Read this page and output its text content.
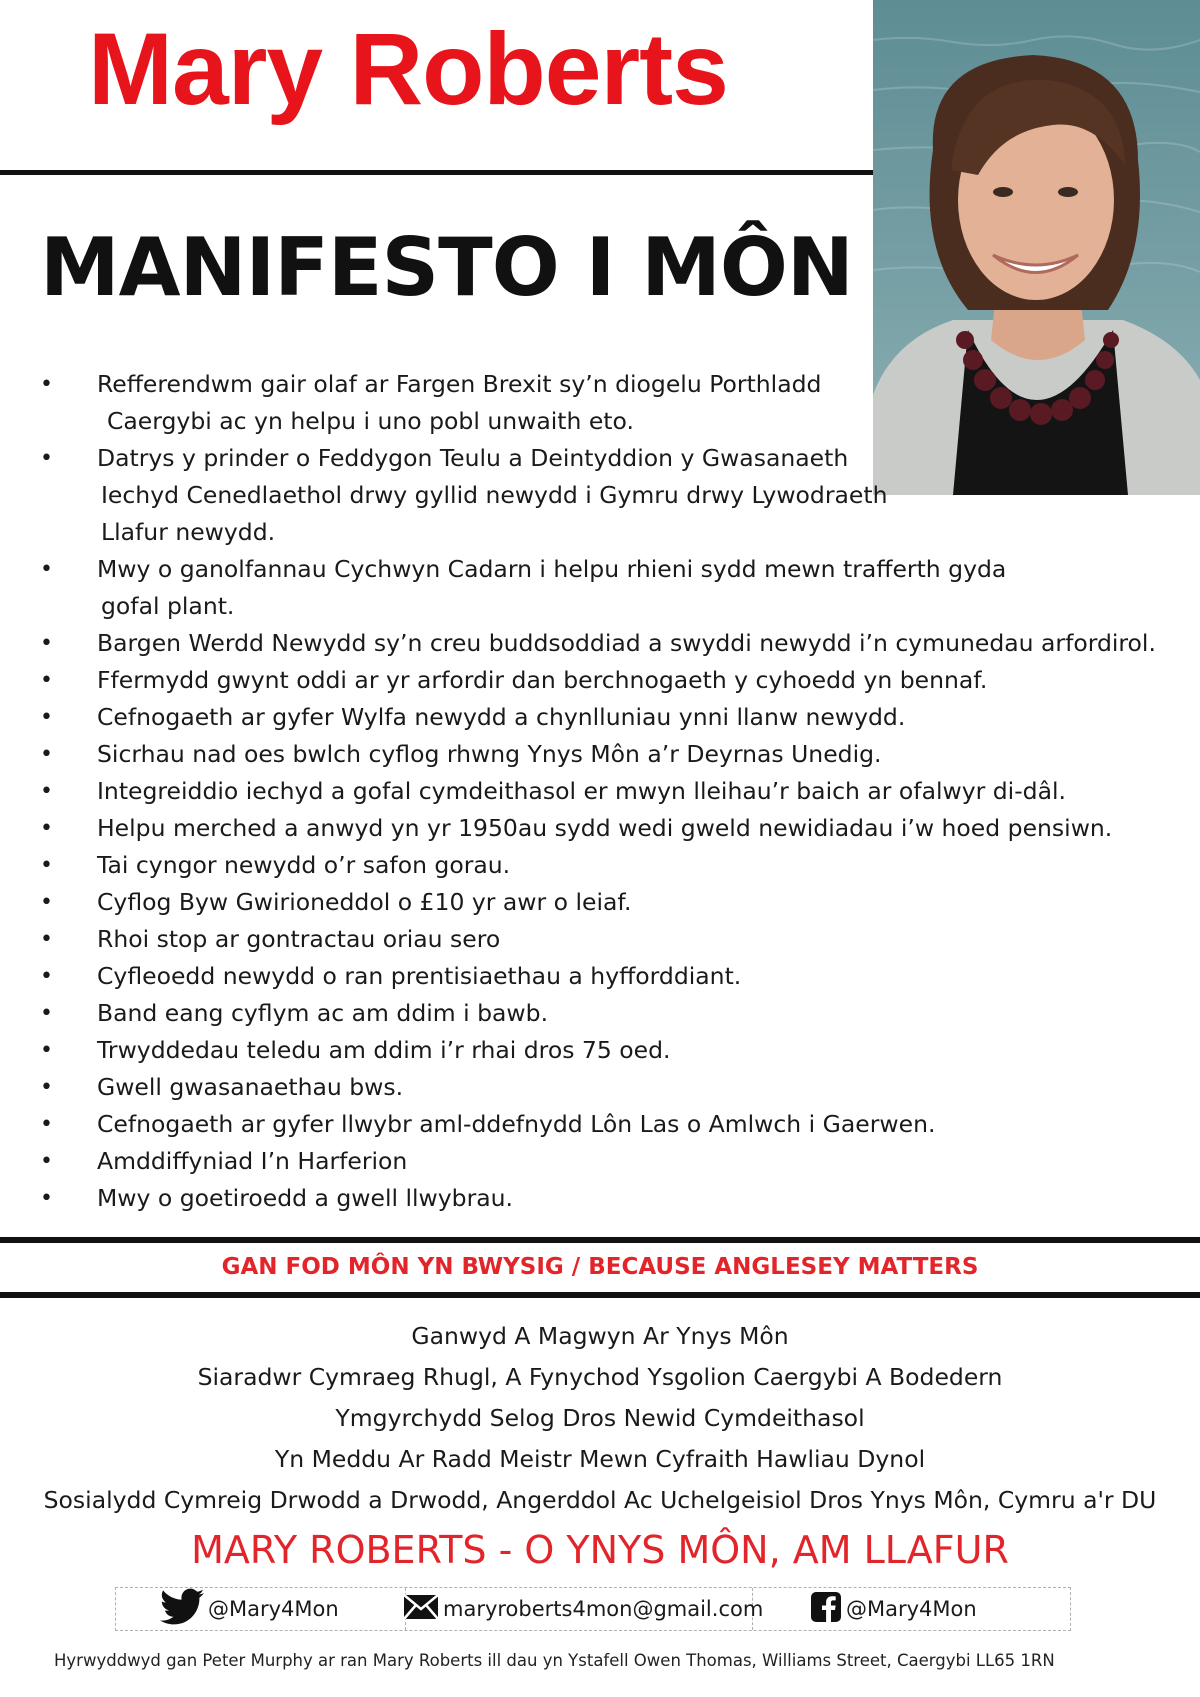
Mary Roberts
MANIFESTO I MÔN
• Refferendwm gair olaf ar Fargen Brexit sy’n diogelu Porthladd
Caergybi ac yn helpu i uno pobl unwaith eto.
• Datrys y prinder o Feddygon Teulu a Deintyddion y Gwasanaeth
Iechyd Cenedlaethol drwy gyllid newydd i Gymru drwy Lywodraeth
Llafur newydd.
• Mwy o ganolfannau Cychwyn Cadarn i helpu rhieni sydd mewn trafferth gyda
gofal plant.
• Bargen Werdd Newydd sy’n creu buddsoddiad a swyddi newydd i’n cymunedau arfordirol.
• Ffermydd gwynt oddi ar yr arfordir dan berchnogaeth y cyhoedd yn bennaf.
• Cefnogaeth ar gyfer Wylfa newydd a chynlluniau ynni llanw newydd.
• Sicrhau nad oes bwlch cyflog rhwng Ynys Môn a’r Deyrnas Unedig.
• Integreiddio iechyd a gofal cymdeithasol er mwyn lleihau’r baich ar ofalwyr di-dâl.
• Helpu merched a anwyd yn yr 1950au sydd wedi gweld newidiadau i’w hoed pensiwn.
• Tai cyngor newydd o’r safon gorau.
• Cyflog Byw Gwirioneddol o £10 yr awr o leiaf.
• Rhoi stop ar gontractau oriau sero
• Cyfleoedd newydd o ran prentisiaethau a hyfforddiant.
• Band eang cyflym ac am ddim i bawb.
• Trwyddedau teledu am ddim i’r rhai dros 75 oed.
• Gwell gwasanaethau bws.
• Cefnogaeth ar gyfer llwybr aml-ddefnydd Lôn Las o Amlwch i Gaerwen.
• Amddiffyniad I’n Harferion
• Mwy o goetiroedd a gwell llwybrau.
GAN FOD MÔN YN BWYSIG / BECAUSE ANGLESEY MATTERS
Ganwyd A Magwyn Ar Ynys Môn
Siaradwr Cymraeg Rhugl, A Fynychod Ysgolion Caergybi A Bodedern
Ymgyrchydd Selog Dros Newid Cymdeithasol
Yn Meddu Ar Radd Meistr Mewn Cyfraith Hawliau Dynol
Sosialydd Cymreig Drwodd a Drwodd, Angerddol Ac Uchelgeisiol Dros Ynys Môn, Cymru a'r DU
MARY ROBERTS - O YNYS MÔN, AM LLAFUR
@Mary4Mon	maryroberts4mon@gmail.com	@Mary4Mon
Hyrwyddwyd gan Peter Murphy ar ran Mary Roberts ill dau yn Ystafell Owen Thomas, Williams Street, Caergybi LL65 1RN
